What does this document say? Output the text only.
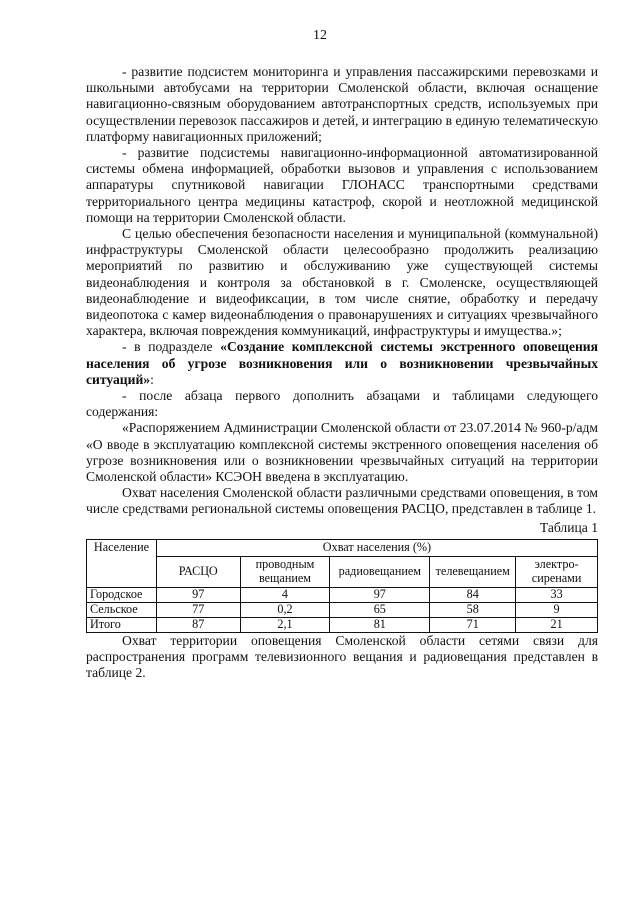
12

- развитие подсистем мониторинга и управления пассажирскими перевозками и школьными автобусами на территории Смоленской области, включая оснащение навигационно-связным оборудованием автотранспортных средств, используемых при осуществлении перевозок пассажиров и детей, и интеграцию в единую телематическую платформу навигационных приложений;

- развитие подсистемы навигационно-информационной автоматизированной системы обмена информацией, обработки вызовов и управления с использованием аппаратуры спутниковой навигации ГЛОНАСС транспортными средствами территориального центра медицины катастроф, скорой и неотложной медицинской помощи на территории Смоленской области.

С целью обеспечения безопасности населения и муниципальной (коммунальной) инфраструктуры Смоленской области целесообразно продолжить реализацию мероприятий по развитию и обслуживанию уже существующей системы видеонаблюдения и контроля за обстановкой в г. Смоленске, осуществляющей видеонаблюдение и видеофиксации, в том числе снятие, обработку и передачу видеопотока с камер видеонаблюдения о правонарушениях и ситуациях чрезвычайного характера, включая повреждения коммуникаций, инфраструктуры и имущества.»;

- в подразделе «Создание комплексной системы экстренного оповещения населения об угрозе возникновения или о возникновении чрезвычайных ситуаций»:

- после абзаца первого дополнить абзацами и таблицами следующего содержания:

«Распоряжением Администрации Смоленской области от 23.07.2014 № 960-р/адм «О вводе в эксплуатацию комплексной системы экстренного оповещения населения об угрозе возникновения или о возникновении чрезвычайных ситуаций на территории Смоленской области» КСЭОН введена в эксплуатацию.

Охват населения Смоленской области различными средствами оповещения, в том числе средствами региональной системы оповещения РАСЦО, представлен в таблице 1.

Таблица 1
Население	Охват населения (%)				
	РАСЦО	проводным вещанием	радиовещанием	телевещанием	электро-сиренами
Городское	97	4	97	84	33
Сельское	77	0,2	65	58	9
Итого	87	2,1	81	71	21

Охват территории оповещения Смоленской области сетями связи для распространения программ телевизионного вещания и радиовещания представлен в таблице 2.
